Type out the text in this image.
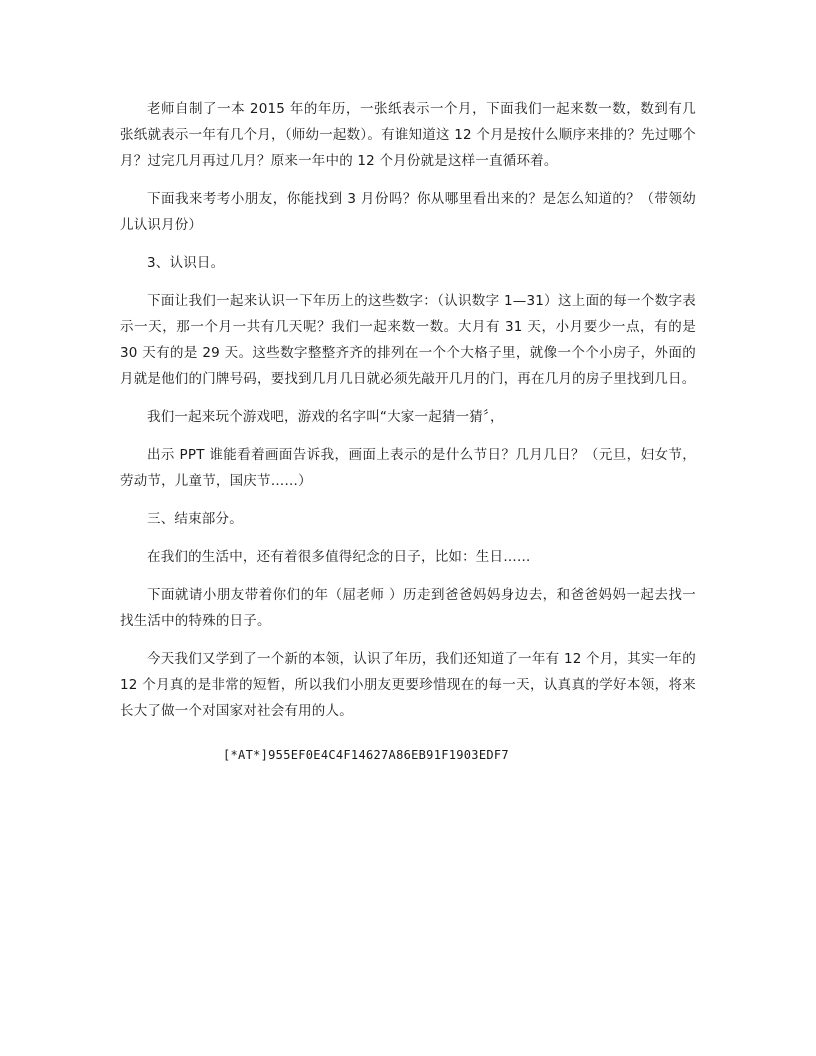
老师自制了一本 2015 年的年历，一张纸表示一个月，下面我们一起来数一数，数到有几张纸就表示一年有几个月，（师幼一起数）。有谁知道这 12 个月是按什么顺序来排的？先过哪个月？过完几月再过几月？原来一年中的 12 个月份就是这样一直循环着。

下面我来考考小朋友，你能找到 3 月份吗？你从哪里看出来的？是怎么知道的？（带领幼儿认识月份）

3、认识日。

下面让我们一起来认识一下年历上的这些数字：（认识数字 1—31）这上面的每一个数字表示一天，那一个月一共有几天呢？我们一起来数一数。大月有 31 天，小月要少一点，有的是 30 天有的是 29 天。这些数字整整齐齐的排列在一个个大格子里，就像一个个小房子，外面的月就是他们的门牌号码，要找到几月几日就必须先敲开几月的门，再在几月的房子里找到几日。

我们一起来玩个游戏吧，游戏的名字叫“大家一起猜一猜〞，

出示 PPT 谁能看着画面告诉我，画面上表示的是什么节日？几月几日？（元旦，妇女节，劳动节，儿童节，国庆节……）

三、结束部分。

在我们的生活中，还有着很多值得纪念的日子，比如：生日……

下面就请小朋友带着你们的年（屈老师 ）历走到爸爸妈妈身边去，和爸爸妈妈一起去找一找生活中的特殊的日子。

今天我们又学到了一个新的本领，认识了年历，我们还知道了一年有 12 个月，其实一年的 12 个月真的是非常的短暂，所以我们小朋友更要珍惜现在的每一天，认真真的学好本领，将来长大了做一个对国家对社会有用的人。

[*AT*]955EF0E4C4F14627A86EB91F1903EDF7
